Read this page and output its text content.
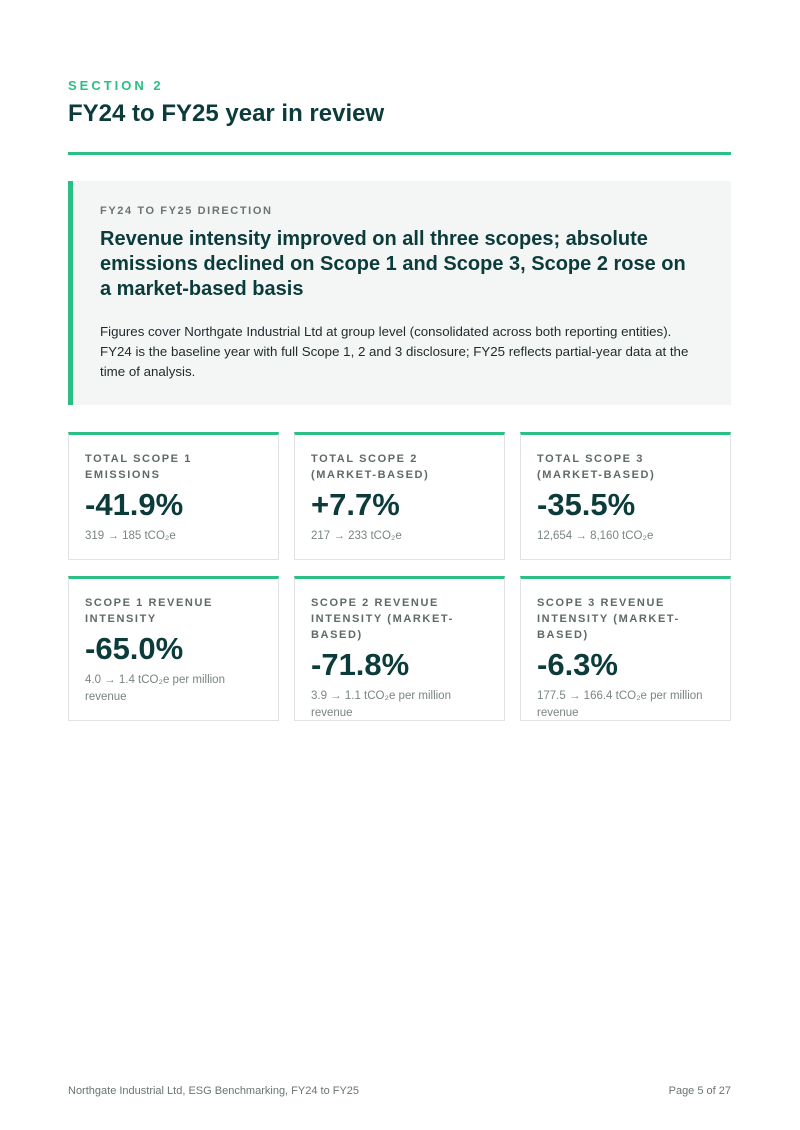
SECTION 2
FY24 to FY25 year in review
FY24 TO FY25 DIRECTION
Revenue intensity improved on all three scopes; absolute emissions declined on Scope 1 and Scope 3, Scope 2 rose on a market-based basis
Figures cover Northgate Industrial Ltd at group level (consolidated across both reporting entities). FY24 is the baseline year with full Scope 1, 2 and 3 disclosure; FY25 reflects partial-year data at the time of analysis.
TOTAL SCOPE 1 EMISSIONS
-41.9%
319 → 185 tCO₂e
TOTAL SCOPE 2 (MARKET-BASED)
+7.7%
217 → 233 tCO₂e
TOTAL SCOPE 3 (MARKET-BASED)
-35.5%
12,654 → 8,160 tCO₂e
SCOPE 1 REVENUE INTENSITY
-65.0%
4.0 → 1.4 tCO₂e per million revenue
SCOPE 2 REVENUE INTENSITY (MARKET-BASED)
-71.8%
3.9 → 1.1 tCO₂e per million revenue
SCOPE 3 REVENUE INTENSITY (MARKET-BASED)
-6.3%
177.5 → 166.4 tCO₂e per million revenue
Northgate Industrial Ltd, ESG Benchmarking, FY24 to FY25	Page 5 of 27
